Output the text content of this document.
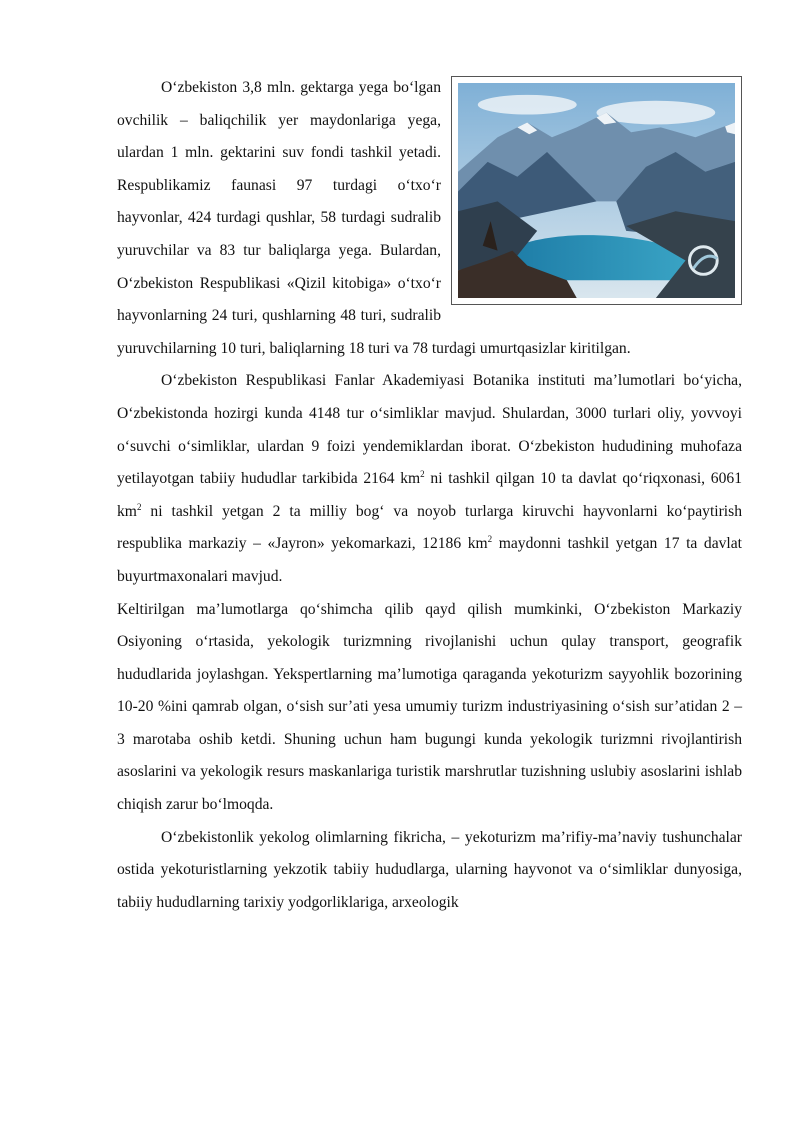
O‘zbekiston 3,8 mln. gektarga yega bo‘lgan ovchilik – baliqchilik yer maydonlariga yega, ulardan 1 mln. gektarini suv fondi tashkil yetadi. Respublikamiz faunasi 97 turdagi o‘txo‘r hayvonlar, 424 turdagi qushlar, 58 turdagi sudralib yuruvchilar va 83 tur baliqlarga yega. Bulardan, O‘zbekiston Respublikasi «Qizil kitobiga» o‘txo‘r hayvonlarning 24 turi, qushlarning 48 turi, sudralib yuruvchilarning 10 turi, baliqlarning 18 turi va 78 turdagi umurtqasizlar kiritilgan.

O‘zbekiston Respublikasi Fanlar Akademiyasi Botanika instituti ma’lumotlari bo‘yicha, O‘zbekistonda hozirgi kunda 4148 tur o‘simliklar mavjud. Shulardan, 3000 turlari oliy, yovvoyi o‘suvchi o‘simliklar, ulardan 9 foizi yendemiklardan iborat. O‘zbekiston hududining muhofaza yetilayotgan tabiiy hududlar tarkibida 2164 $km^2$ ni tashkil qilgan 10 ta davlat qo‘riqxonasi, 6061 $km^2$ ni tashkil yetgan 2 ta milliy bog‘ va noyob turlarga kiruvchi hayvonlarni ko‘paytirish respublika markaziy – «Jayron» yekomarkazi, 12186 $km^2$ maydonni tashkil yetgan 17 ta davlat buyurtmaxonalari mavjud.

Keltirilgan ma’lumotlarga qo‘shimcha qilib qayd qilish mumkinki, O‘zbekiston Markaziy Osiyoning o‘rtasida, yekologik turizmning rivojlanishi uchun qulay transport, geografik hududlarida joylashgan. Yekspertlarning ma’lumotiga qaraganda yekoturizm sayyohlik bozorining 10-20 %ini qamrab olgan, o‘sish sur’ati yesa umumiy turizm industriyasining o‘sish sur’atidan 2 – 3 marotaba oshib ketdi. Shuning uchun ham bugungi kunda yekologik turizmni rivojlantirish asoslarini va yekologik resurs maskanlariga turistik marshrutlar tuzishning uslubiy asoslarini ishlab chiqish zarur bo‘lmoqda.

O‘zbekistonlik yekolog olimlarning fikricha, – yekoturizm ma’rifiy-ma’naviy tushunchalar ostida yekoturistlarning yekzotik tabiiy hududlarga, ularning hayvonot va o‘simliklar dunyosiga, tabiiy hududlarning tarixiy yodgorliklariga, arxeologik
